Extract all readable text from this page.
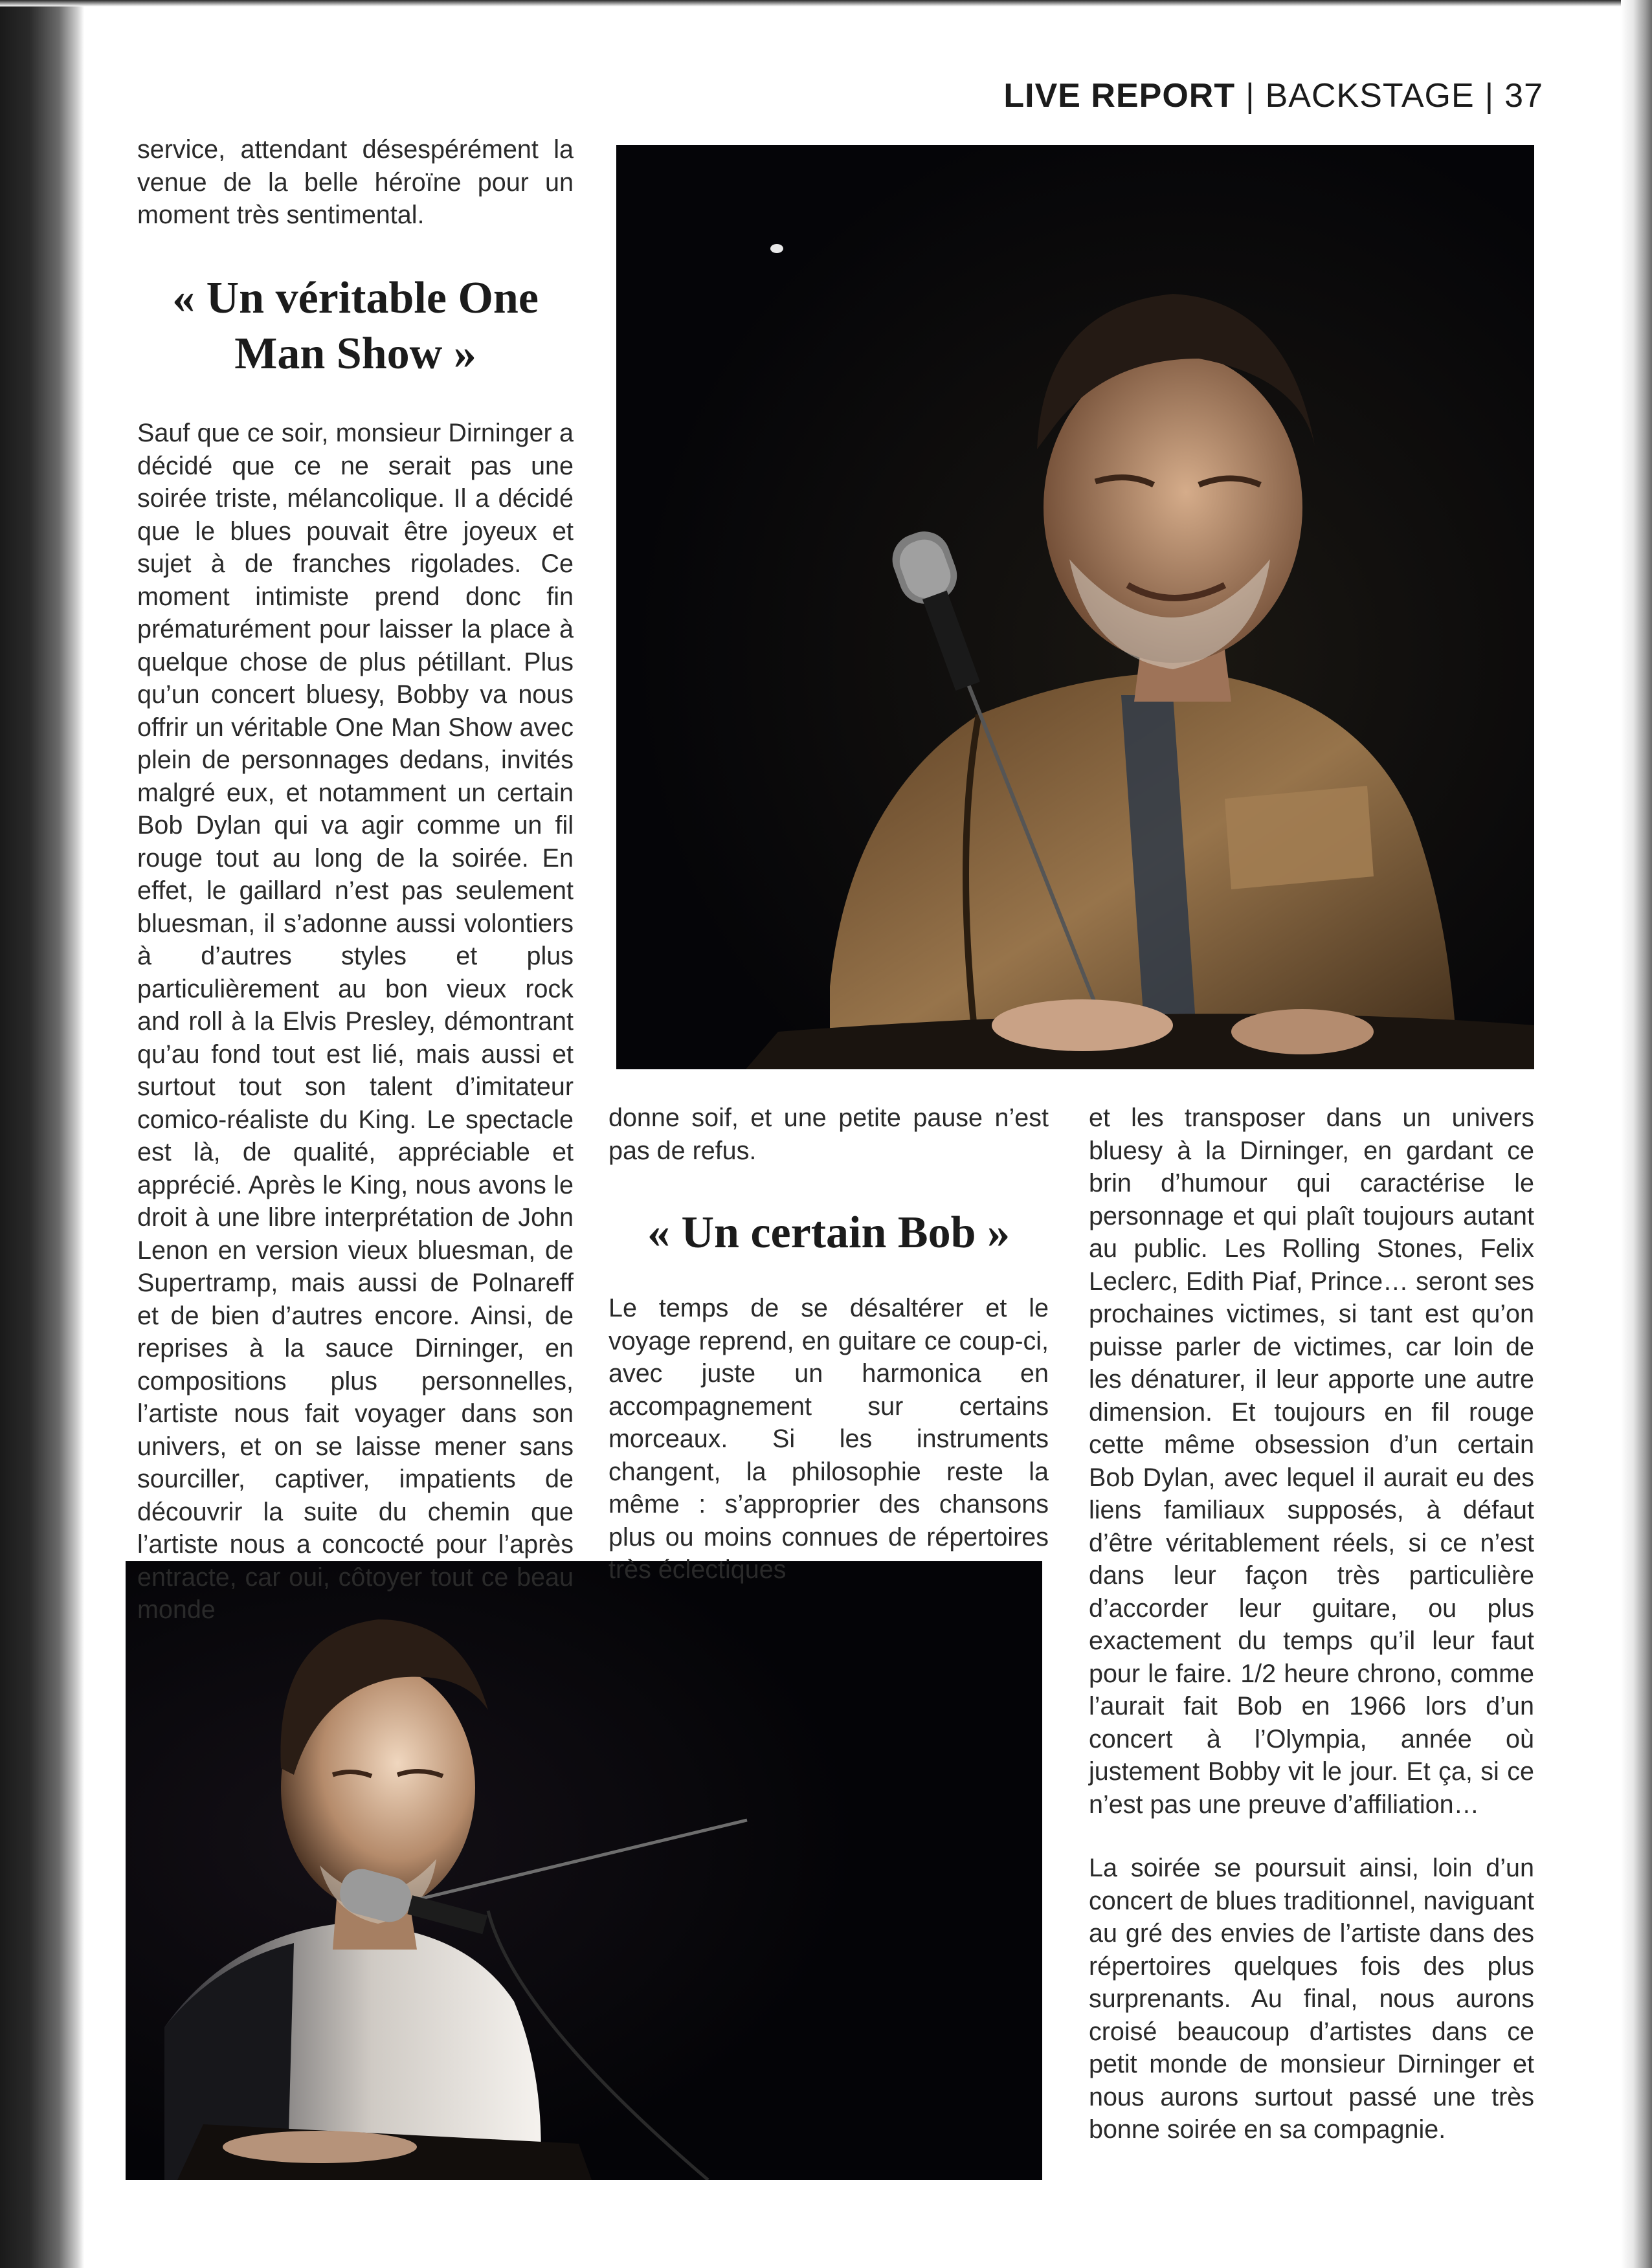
LIVE REPORT | BACKSTAGE | 37

service, attendant désespérément la venue de la belle héroïne pour un moment très sentimental.

« Un véritable One Man Show »

Sauf que ce soir, monsieur Dirninger a décidé que ce ne serait pas une soirée triste, mélancolique. Il a décidé que le blues pouvait être joyeux et sujet à de franches rigolades. Ce moment intimiste prend donc fin prématurément pour laisser la place à quelque chose de plus pétillant. Plus qu’un concert bluesy, Bobby va nous offrir un véritable One Man Show avec plein de personnages dedans, invités malgré eux, et notamment un certain Bob Dylan qui va agir comme un fil rouge tout au long de la soirée. En effet, le gaillard n’est pas seulement bluesman, il s’adonne aussi volontiers à d’autres styles et plus particulièrement au bon vieux rock and roll à la Elvis Presley, démontrant qu’au fond tout est lié, mais aussi et surtout tout son talent d’imitateur comico-réaliste du King. Le spectacle est là, de qualité, appréciable et apprécié. Après le King, nous avons le droit à une libre interprétation de John Lenon en version vieux bluesman, de Supertramp, mais aussi de Polnareff et de bien d’autres encore. Ainsi, de reprises à la sauce Dirninger, en compositions plus personnelles, l’artiste nous fait voyager dans son univers, et on se laisse mener sans sourciller, captiver, impatients de découvrir la suite du chemin que l’artiste nous a concocté pour l’après entracte, car oui, côtoyer tout ce beau monde

donne soif, et une petite pause n’est pas de refus.

« Un certain Bob »

Le temps de se désaltérer et le voyage reprend, en guitare ce coup-ci, avec juste un harmonica en accompagnement sur certains morceaux. Si les instruments changent, la philosophie reste la même : s’approprier des chansons plus ou moins connues de répertoires très éclectiques

et les transposer dans un univers bluesy à la Dirninger, en gardant ce brin d’humour qui caractérise le personnage et qui plaît toujours autant au public. Les Rolling Stones, Felix Leclerc, Edith Piaf, Prince… seront ses prochaines victimes, si tant est qu’on puisse parler de victimes, car loin de les dénaturer, il leur apporte une autre dimension. Et toujours en fil rouge cette même obsession d’un certain Bob Dylan, avec lequel il aurait eu des liens familiaux supposés, à défaut d’être véritablement réels, si ce n’est dans leur façon très particulière d’accorder leur guitare, ou plus exactement du temps qu’il leur faut pour le faire. 1/2 heure chrono, comme l’aurait fait Bob en 1966 lors d’un concert à l’Olympia, année où justement Bobby vit le jour. Et ça, si ce n’est pas une preuve d’affiliation…

La soirée se poursuit ainsi, loin d’un concert de blues traditionnel, naviguant au gré des envies de l’artiste dans des répertoires quelques fois des plus surprenants. Au final, nous aurons croisé beaucoup d’artistes dans ce petit monde de monsieur Dirninger et nous aurons surtout passé une très bonne soirée en sa compagnie.
